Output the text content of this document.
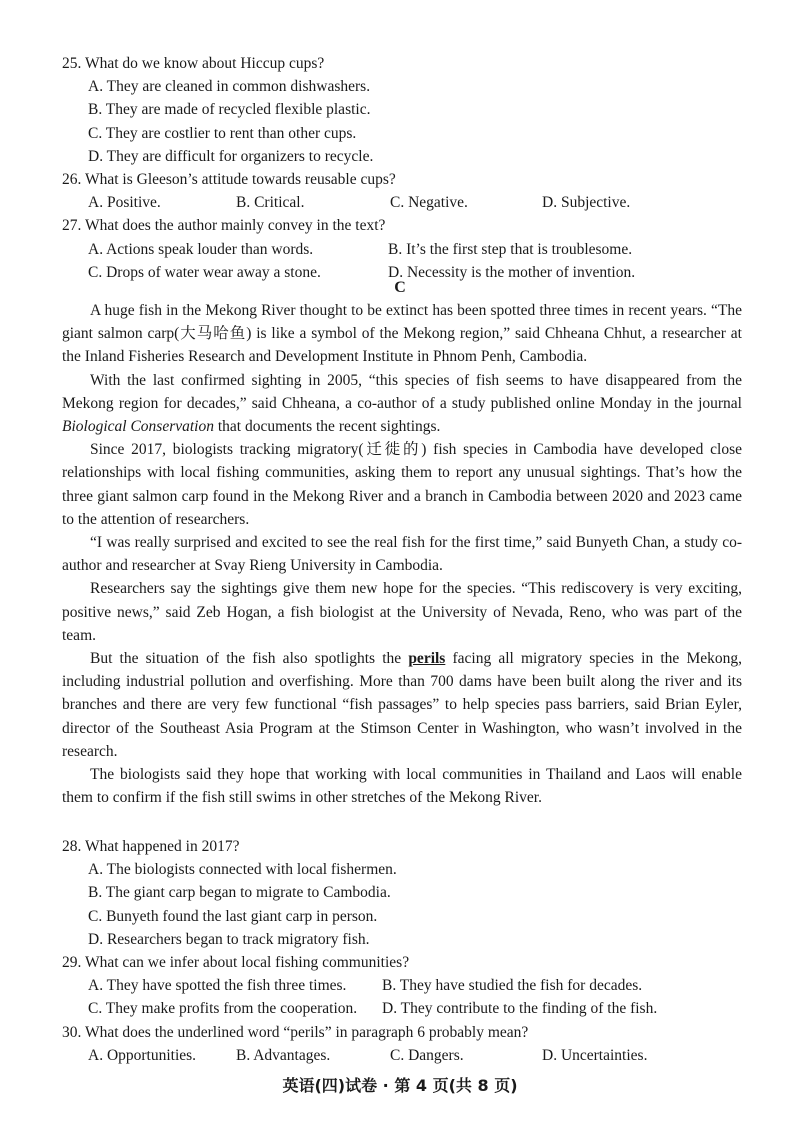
25. What do we know about Hiccup cups?

A. They are cleaned in common dishwashers.

B. They are made of recycled flexible plastic.

C. They are costlier to rent than other cups.

D. They are difficult for organizers to recycle.

26. What is Gleeson’s attitude towards reusable cups?

A. Positive.	B. Critical.	C. Negative.	D. Subjective.

27. What does the author mainly convey in the text?

A. Actions speak louder than words.	B. It’s the first step that is troublesome.
C. Drops of water wear away a stone.	D. Necessity is the mother of invention.
C

A huge fish in the Mekong River thought to be extinct has been spotted three times in recent years. “The giant salmon carp(大马哈鱼) is like a symbol of the Mekong region,” said Chheana Chhut, a researcher at the Inland Fisheries Research and Development Institute in Phnom Penh, Cambodia.

With the last confirmed sighting in 2005, “this species of fish seems to have disappeared from the Mekong region for decades,” said Chheana, a co-author of a study published online Monday in the journal Biological Conservation that documents the recent sightings.

Since 2017, biologists tracking migratory(迁徙的) fish species in Cambodia have developed close relationships with local fishing communities, asking them to report any unusual sightings. That’s how the three giant salmon carp found in the Mekong River and a branch in Cambodia between 2020 and 2023 came to the attention of researchers.

“I was really surprised and excited to see the real fish for the first time,” said Bunyeth Chan, a study co-author and researcher at Svay Rieng University in Cambodia.

Researchers say the sightings give them new hope for the species. “This rediscovery is very exciting, positive news,” said Zeb Hogan, a fish biologist at the University of Nevada, Reno, who was part of the team.

But the situation of the fish also spotlights the perils facing all migratory species in the Mekong, including industrial pollution and overfishing. More than 700 dams have been built along the river and its branches and there are very few functional “fish passages” to help species pass barriers, said Brian Eyler, director of the Southeast Asia Program at the Stimson Center in Washington, who wasn’t involved in the research.

The biologists said they hope that working with local communities in Thailand and Laos will enable them to confirm if the fish still swims in other stretches of the Mekong River.

28. What happened in 2017?

A. The biologists connected with local fishermen.

B. The giant carp began to migrate to Cambodia.

C. Bunyeth found the last giant carp in person.

D. Researchers began to track migratory fish.

29. What can we infer about local fishing communities?

A. They have spotted the fish three times.	B. They have studied the fish for decades.
C. They make profits from the cooperation.	D. They contribute to the finding of the fish.

30. What does the underlined word “perils” in paragraph 6 probably mean?

A. Opportunities.	B. Advantages.	C. Dangers.	D. Uncertainties.
英语(四)试卷 · 第 4 页(共 8 页)
